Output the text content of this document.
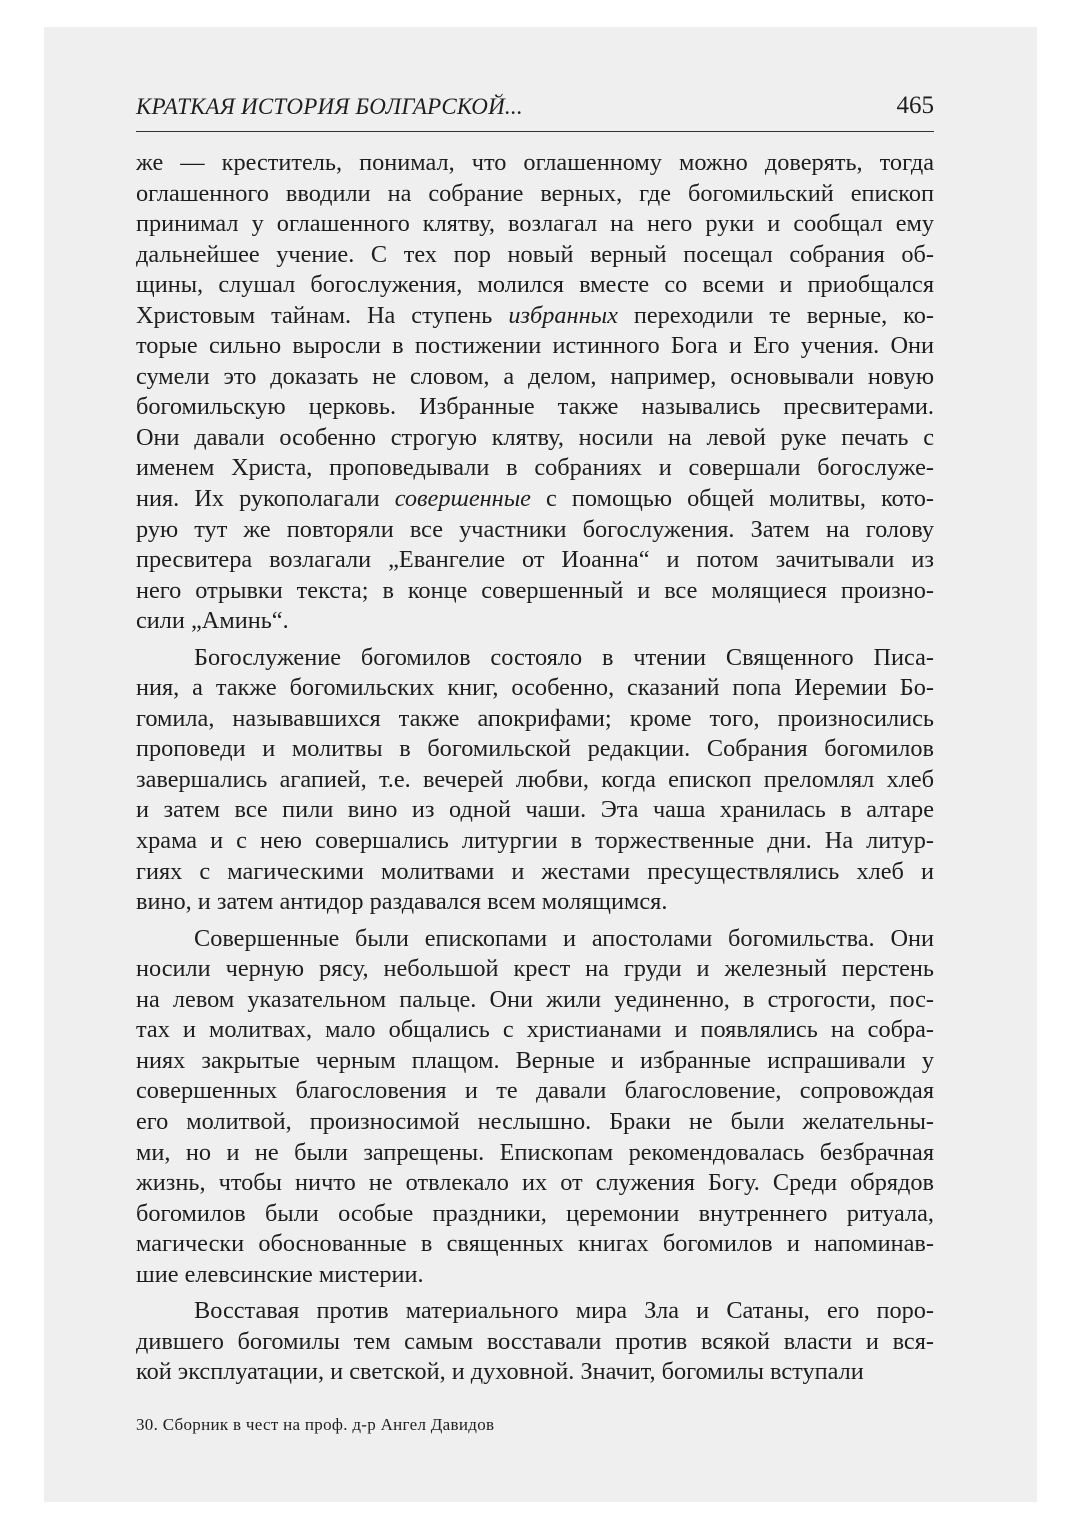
КРАТКАЯ ИСТОРИЯ БОЛГАРСКОЙ...	465
же — креститель, понимал, что оглашенному можно доверять, тогда
оглашенного вводили на собрание верных, где богомильский епископ
принимал у оглашенного клятву, возлагал на него руки и сообщал ему
дальнейшее учение. С тех пор новый верный посещал собрания об-
щины, слушал богослужения, молился вместе со всеми и приобщался
Христовым тайнам. На ступень избранных переходили те верные, ко-
торые сильно выросли в постижении истинного Бога и Его учения. Они
сумели это доказать не словом, а делом, например, основывали новую
богомильскую церковь. Избранные также назывались пресвитерами.
Они давали особенно строгую клятву, носили на левой руке печать с
именем Христа, проповедывали в собраниях и совершали богослуже-
ния. Их рукополагали совершенные с помощью общей молитвы, кото-
рую тут же повторяли все участники богослужения. Затем на голову
пресвитера возлагали „Евангелие от Иоанна“ и потом зачитывали из
него отрывки текста; в конце совершенный и все молящиеся произно-
сили „Аминь“.
Богослужение богомилов состояло в чтении Священного Писа-
ния, а также богомильских книг, особенно, сказаний попа Иеремии Бо-
гомила, называвшихся также апокрифами; кроме того, произносились
проповеди и молитвы в богомильской редакции. Собрания богомилов
завершались агапией, т.е. вечерей любви, когда епископ преломлял хлеб
и затем все пили вино из одной чаши. Эта чаша хранилась в алтаре
храма и с нею совершались литургии в торжественные дни. На литур-
гиях с магическими молитвами и жестами пресуществлялись хлеб и
вино, и затем антидор раздавался всем молящимся.
Совершенные были епископами и апостолами богомильства. Они
носили черную рясу, небольшой крест на груди и железный перстень
на левом указательном пальце. Они жили уединенно, в строгости, пос-
тах и молитвах, мало общались с христианами и появлялись на собра-
ниях закрытые черным плащом. Верные и избранные испрашивали у
совершенных благословения и те давали благословение, сопровождая
его молитвой, произносимой неслышно. Браки не были желательны-
ми, но и не были запрещены. Епископам рекомендовалась безбрачная
жизнь, чтобы ничто не отвлекало их от служения Богу. Среди обрядов
богомилов были особые праздники, церемонии внутреннего ритуала,
магически обоснованные в священных книгах богомилов и напоминав-
шие елевсинские мистерии.
Восставая против материального мира Зла и Сатаны, его поро-
дившего богомилы тем самым восставали против всякой власти и вся-
кой эксплуатации, и светской, и духовной. Значит, богомилы вступали
30. Сборник в чест на проф. д-р Ангел Давидов
